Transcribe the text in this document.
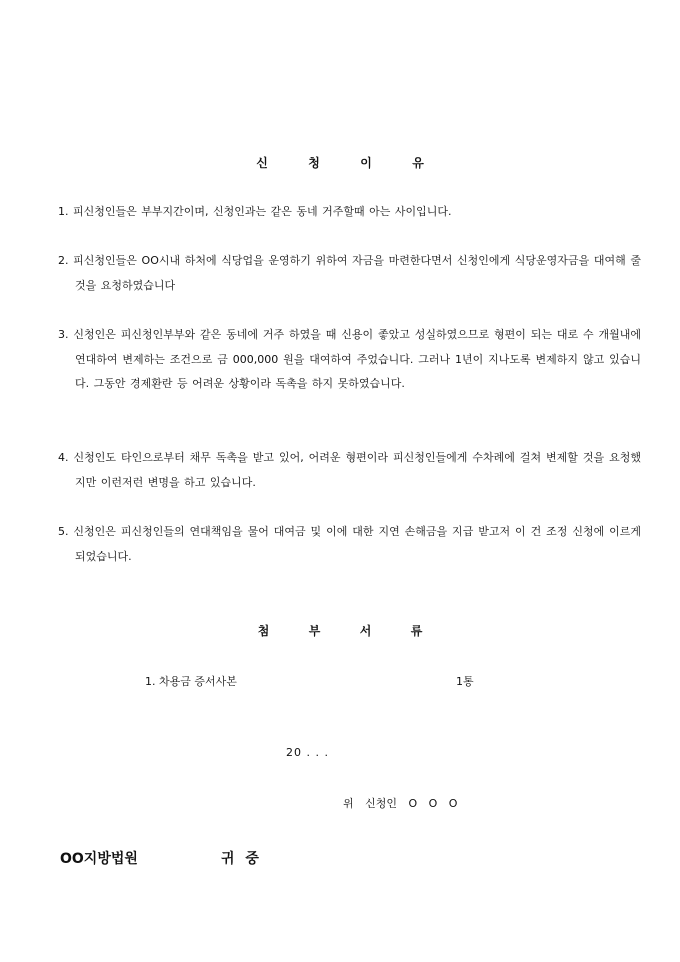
신	청	이	유
1. 피신청인들은 부부지간이며, 신청인과는 같은 동네 거주할때 아는 사이입니다.
2. 피신청인들은 OO시내 하처에 식당업을 운영하기 위하여 자금을 마련한다면서 신청인에게 식당운영자금을 대여해 줄 것을 요청하였습니다
3. 신청인은 피신청인부부와 같은 동네에 거주 하였을 때 신용이 좋았고 성실하였으므로 형편이 되는 대로 수 개월내에 연대하여 변제하는 조건으로 금 000,000 원을 대여하여 주었습니다. 그러나 1년이 지나도록 변제하지 않고 있습니다. 그동안 경제환란 등 어려운 상황이라 독촉을 하지 못하였습니다.
4. 신청인도 타인으로부터 채무 독촉을 받고 있어, 어려운 형편이라 피신청인들에게 수차례에 걸쳐 변제할 것을 요청했지만 이런저런 변명을 하고 있습니다.
5. 신청인은 피신청인들의 연대책임을 물어 대여금 및 이에 대한 지연 손해금을 지급 받고저 이 건 조정 신청에 이르게 되었습니다.
첨	부	서	류
1. 차용금 증서사본	1통
20 . . .
위 신청인 O O O
OO지방법원	귀 중
